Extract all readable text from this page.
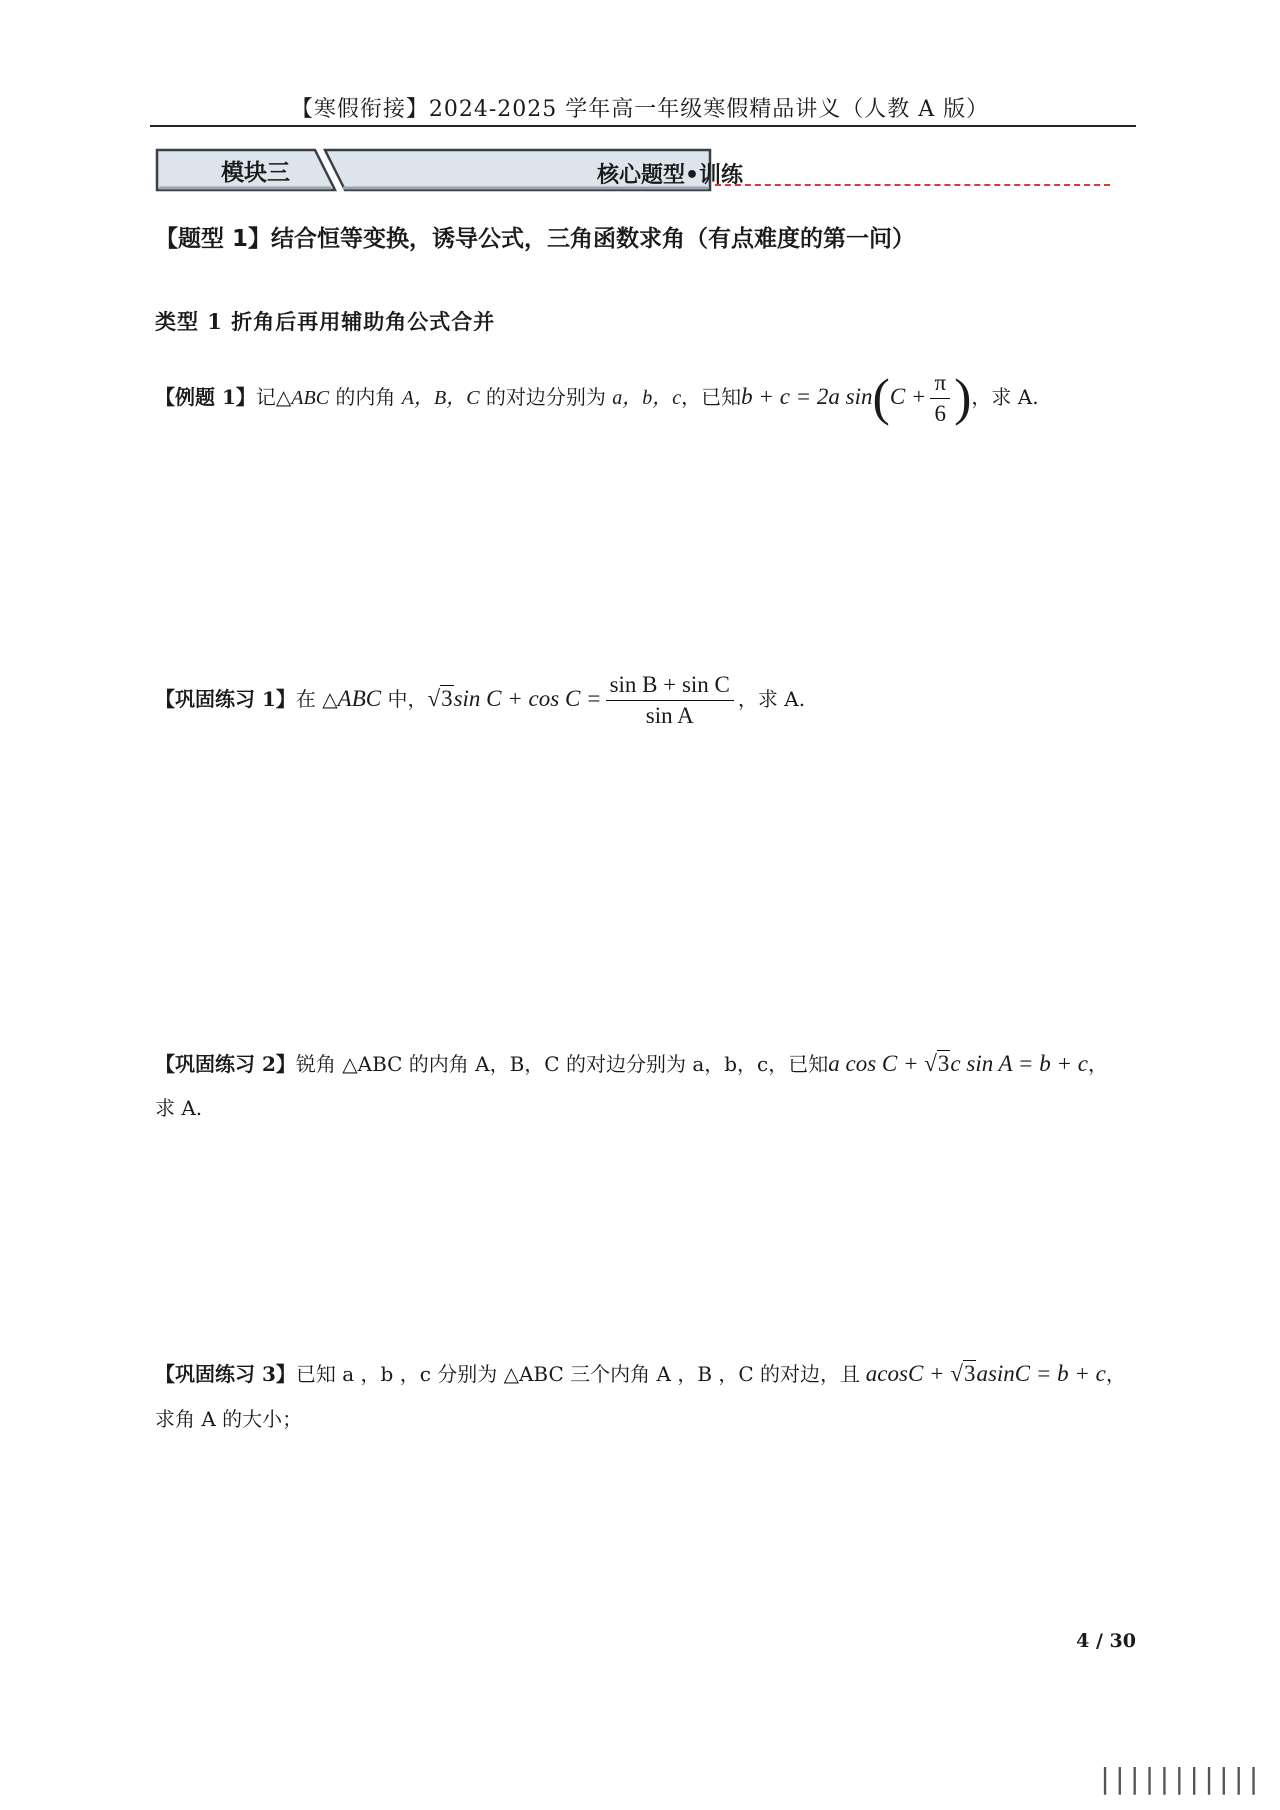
【寒假衔接】2024-2025 学年高一年级寒假精品讲义（人教 A 版）
模块三	核心题型•训练
【题型 1】结合恒等变换，诱导公式，三角函数求角（有点难度的第一问）
类型 1 折角后再用辅助角公式合并
【例题 1】记△ABC 的内角 A，B，C 的对边分别为 a，b，c，已知b + c = 2a $\sin(C + \frac{\pi}{6}$ )，求 A.
【巩固练习 1】在 △ABC 中，√3sin $C + \cos C = \frac{\text{sin B + sin C}}{\text{sin A}}$ ，求 A.
【巩固练习 2】锐角 △ABC 的内角 A，B，C 的对边分别为 a，b，c，已知a cos C + √3c sin A = b + c，
求 A.
【巩固练习 3】已知 a ，b ，c 分别为 △ABC 三个内角 A ，B ，C 的对边，且 acosC + √3asinC = b + c，
求角 A 的大小；
4 / 30
|||||||||||
